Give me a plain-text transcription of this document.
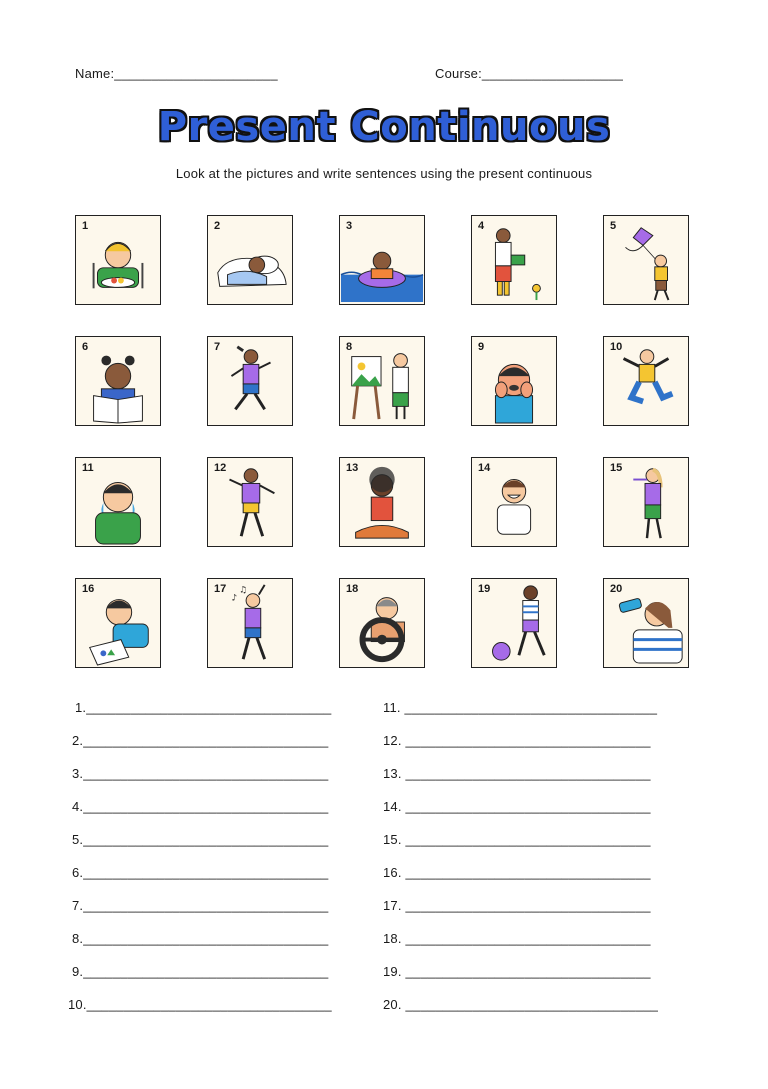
Name:______________________	Course:___________________
Present Continuous
Look at the pictures and write sentences using the present continuous
1	2	3	4	5
6	7	8	9	10
11	12	13	14	15
16
♪
♫
17	18	19	20
1._________________________________
2._________________________________
3._________________________________
4._________________________________
5._________________________________
6._________________________________
7._________________________________
8._________________________________
9._________________________________
10._________________________________
11. __________________________________
12. _________________________________
13. _________________________________
14. _________________________________
15. _________________________________
16. _________________________________
17. _________________________________
18. _________________________________
19. _________________________________
20. __________________________________
